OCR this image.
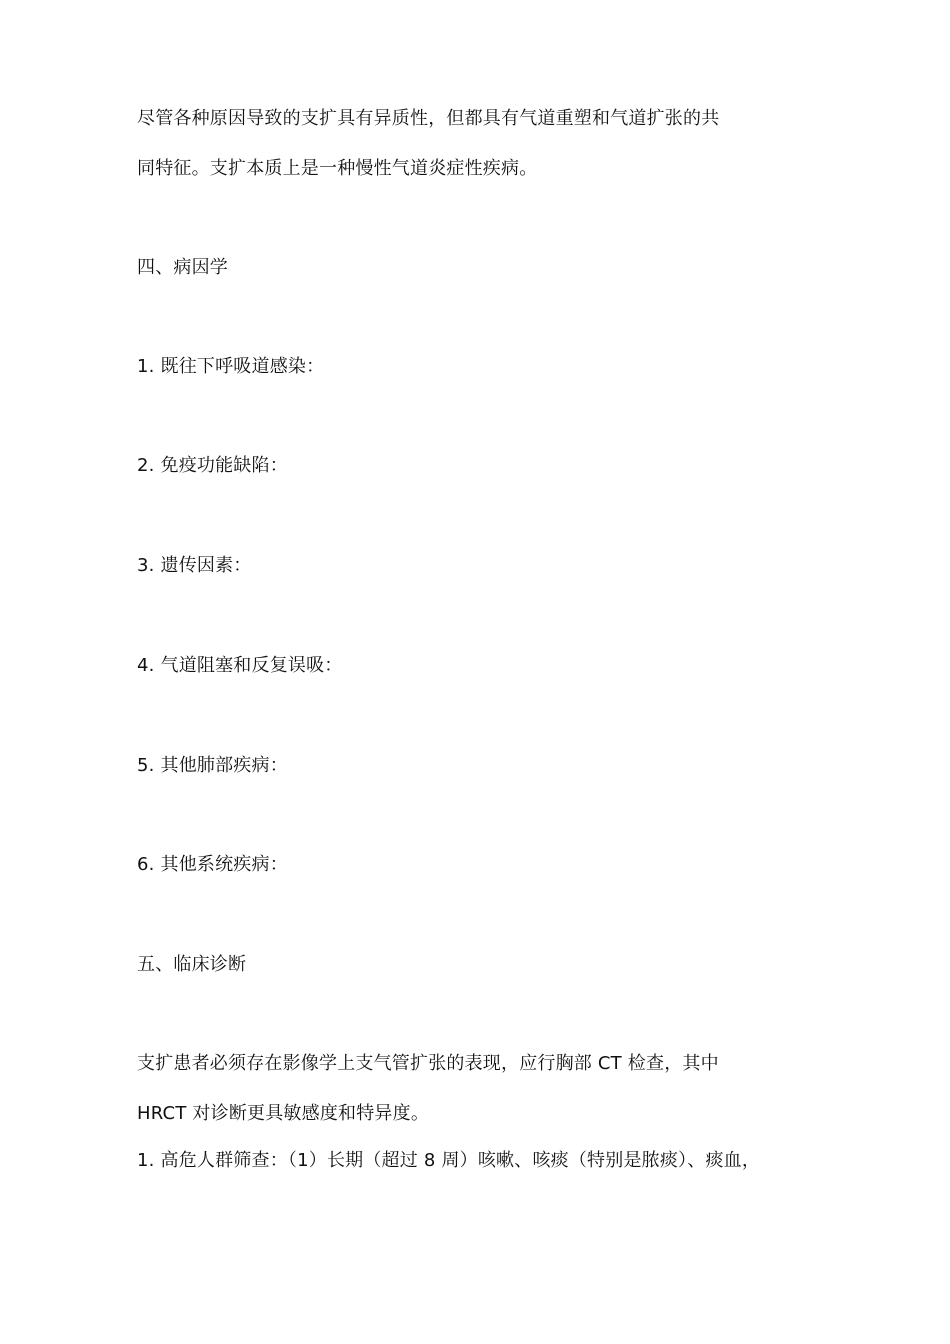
尽管各种原因导致的支扩具有异质性，但都具有气道重塑和气道扩张的共
同特征。支扩本质上是一种慢性气道炎症性疾病。
四、病因学
1. 既往下呼吸道感染：
2. 免疫功能缺陷：
3. 遗传因素：
4. 气道阻塞和反复误吸：
5. 其他肺部疾病：
6. 其他系统疾病：
五、临床诊断
支扩患者必须存在影像学上支气管扩张的表现，应行胸部 CT 检查，其中
HRCT 对诊断更具敏感度和特异度。
1. 高危人群筛查：（1）长期（超过 8 周）咳嗽、咳痰（特别是脓痰）、痰血，
